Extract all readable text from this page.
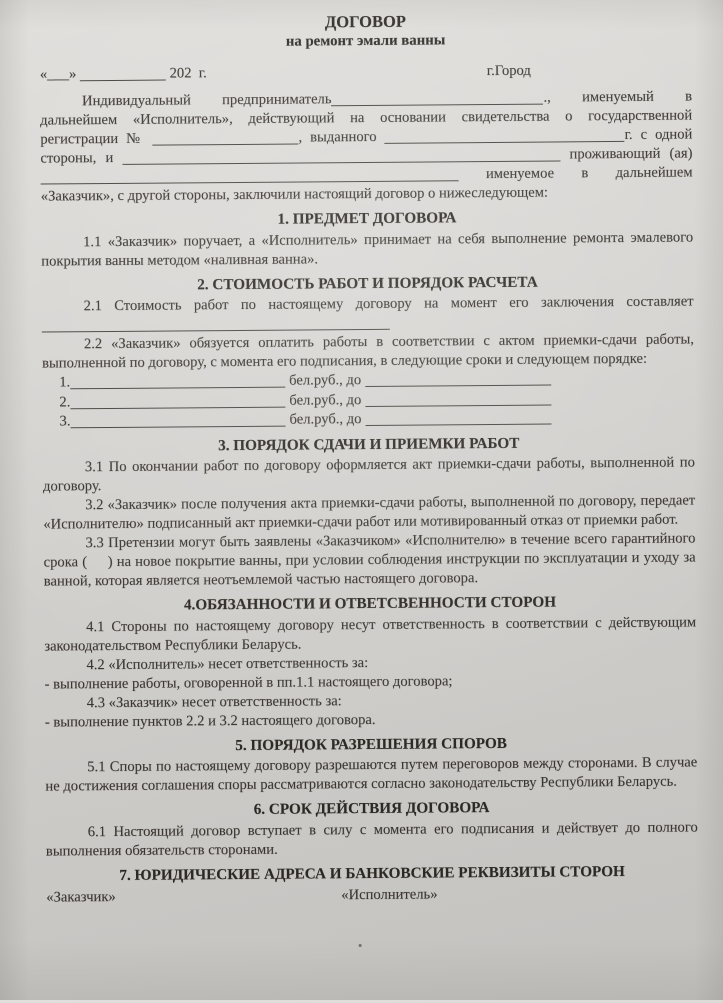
ДОГОВОР
на ремонт эмали ванны
«___»	202  г.	г.Город
Индивидуальный предприниматель	., именуемый в
дальнейшем «Исполнитель», действующий на основании свидетельства о государственной
регистрации №	, выданного	г. с одной
стороны, и	проживающий (ая)
именуемое в дальнейшем
«Заказчик», с другой стороны, заключили настоящий договор о нижеследующем:
1. ПРЕДМЕТ ДОГОВОРА

1.1 «Заказчик» поручает, а «Исполнитель» принимает на себя выполнение ремонта эмалевого покрытия ванны методом «наливная ванна».

2. СТОИМОСТЬ РАБОТ И ПОРЯДОК РАСЧЕТА

2.1 Стоимость работ по настоящему договору на момент его заключения составляет

2.2 «Заказчик» обязуется оплатить работы в соответствии с актом приемки-сдачи работы, выполненной по договору, с момента его подписания, в следующие сроки и следующем порядке:

1.	бел.руб., до
2.	бел.руб., до
3.	бел.руб., до
3. ПОРЯДОК СДАЧИ И ПРИЕМКИ РАБОТ

3.1 По окончании работ по договору оформляется акт приемки-сдачи работы, выполненной по договору.

3.2 «Заказчик» после получения акта приемки-сдачи работы, выполненной по договору, передает «Исполнителю» подписанный акт приемки-сдачи работ или мотивированный отказ от приемки работ.

3.3 Претензии могут быть заявлены «Заказчиком» «Исполнителю» в течение всего гарантийного срока (     ) на новое покрытие ванны, при условии соблюдения инструкции по эксплуатации и уходу за ванной, которая является неотъемлемой частью настоящего договора.

4.ОБЯЗАННОСТИ И ОТВЕТСВЕННОСТИ СТОРОН

4.1 Стороны по настоящему договору несут ответственность в соответствии с действующим законодательством Республики Беларусь.

4.2 «Исполнитель» несет ответственность за:

- выполнение работы, оговоренной в пп.1.1 настоящего договора;

4.3 «Заказчик» несет ответственность за:

- выполнение пунктов 2.2 и 3.2 настоящего договора.

5. ПОРЯДОК РАЗРЕШЕНИЯ СПОРОВ

5.1 Споры по настоящему договору разрешаются путем переговоров между сторонами. В случае не достижения соглашения споры рассматриваются согласно законодательству Республики Беларусь.

6. СРОК ДЕЙСТВИЯ ДОГОВОРА

6.1 Настоящий договор вступает в силу с момента его подписания и действует до полного выполнения обязательств сторонами.

7. ЮРИДИЧЕСКИЕ АДРЕСА И БАНКОВСКИЕ РЕКВИЗИТЫ СТОРОН
«Заказчик»	«Исполнитель»
